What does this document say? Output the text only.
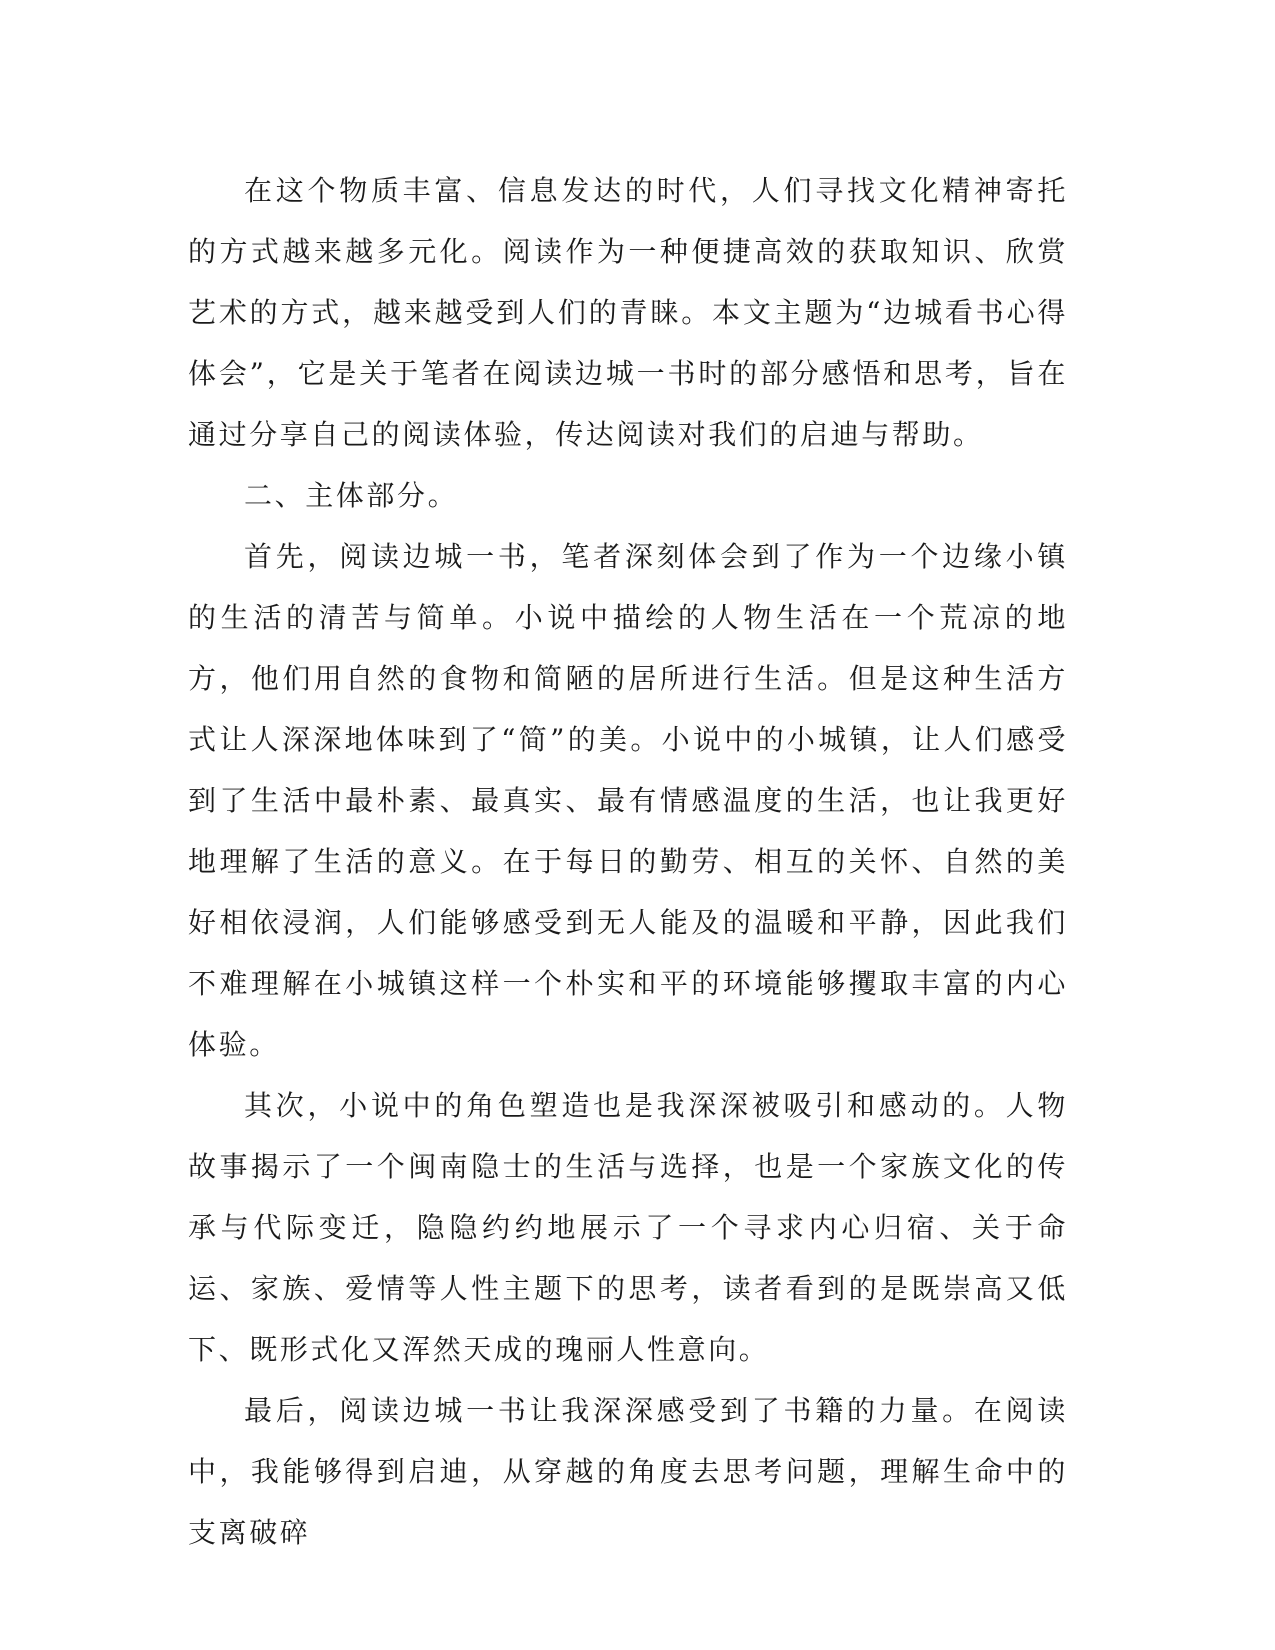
在这个物质丰富、信息发达的时代，人们寻找文化精神寄托的方式越来越多元化。阅读作为一种便捷高效的获取知识、欣赏艺术的方式，越来越受到人们的青睐。本文主题为“边城看书心得体会”，它是关于笔者在阅读边城一书时的部分感悟和思考，旨在通过分享自己的阅读体验，传达阅读对我们的启迪与帮助。

二、主体部分。

首先，阅读边城一书，笔者深刻体会到了作为一个边缘小镇的生活的清苦与简单。小说中描绘的人物生活在一个荒凉的地方，他们用自然的食物和简陋的居所进行生活。但是这种生活方式让人深深地体味到了“简”的美。小说中的小城镇，让人们感受到了生活中最朴素、最真实、最有情感温度的生活，也让我更好地理解了生活的意义。在于每日的勤劳、相互的关怀、自然的美好相依浸润，人们能够感受到无人能及的温暖和平静，因此我们不难理解在小城镇这样一个朴实和平的环境能够攫取丰富的内心体验。

其次，小说中的角色塑造也是我深深被吸引和感动的。人物故事揭示了一个闽南隐士的生活与选择，也是一个家族文化的传承与代际变迁，隐隐约约地展示了一个寻求内心归宿、关于命运、家族、爱情等人性主题下的思考，读者看到的是既崇高又低下、既形式化又浑然天成的瑰丽人性意向。

最后，阅读边城一书让我深深感受到了书籍的力量。在阅读中，我能够得到启迪，从穿越的角度去思考问题，理解生命中的支离破碎
